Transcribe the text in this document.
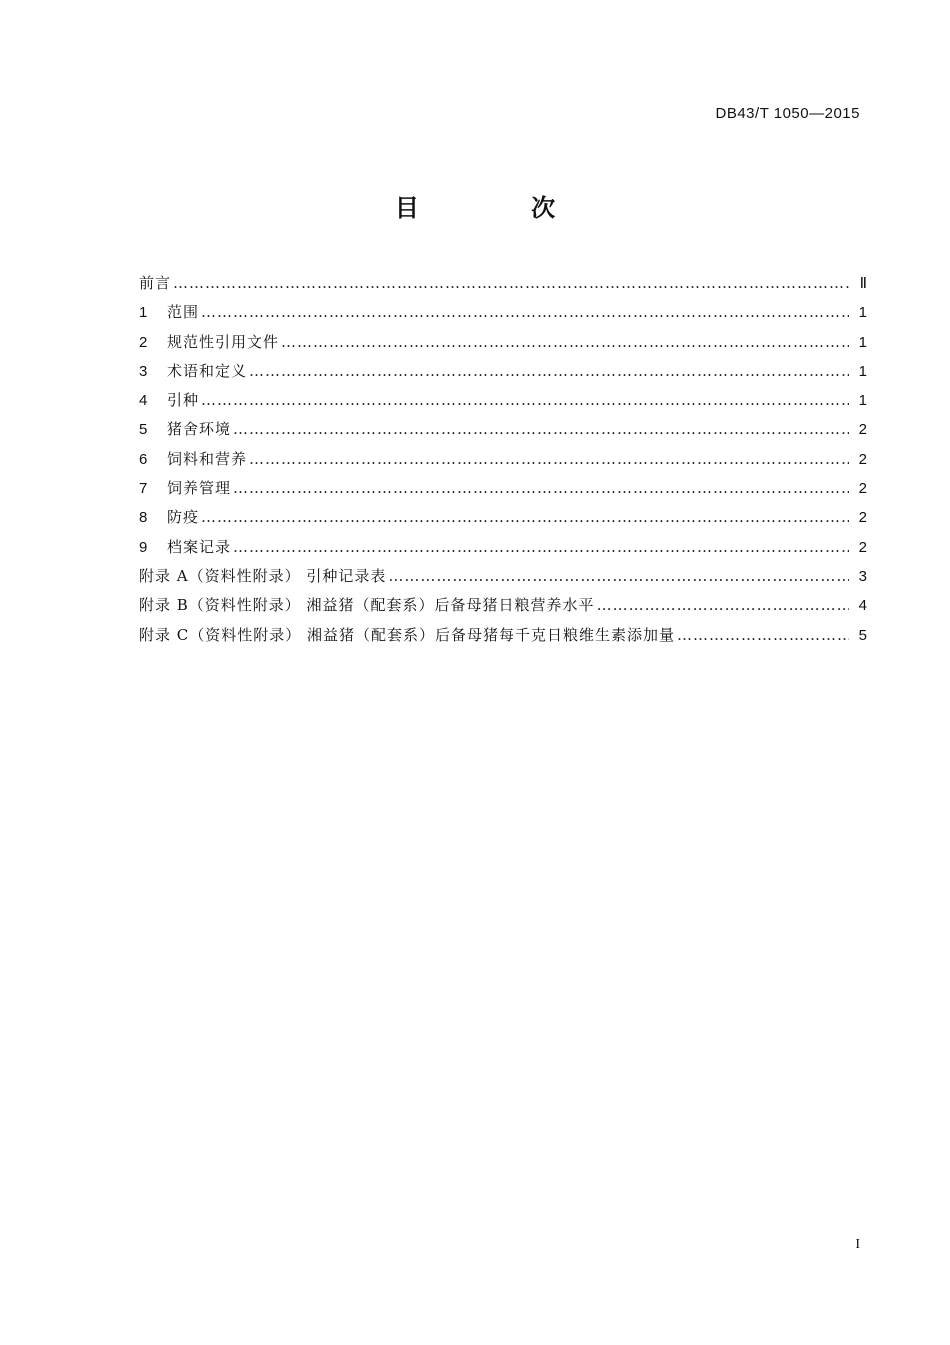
DB43/T 1050—2015
目 次
前言 …………………………………………………………………………………………………………………………………………………………………………………………	Ⅱ
1	范围 …………………………………………………………………………………………………………………………………………………………………………………………	1
2	规范性引用文件 …………………………………………………………………………………………………………………………………………………………………………………………	1
3	术语和定义 …………………………………………………………………………………………………………………………………………………………………………………………	1
4	引种 …………………………………………………………………………………………………………………………………………………………………………………………	1
5	猪舍环境 …………………………………………………………………………………………………………………………………………………………………………………………	2
6	饲料和营养 …………………………………………………………………………………………………………………………………………………………………………………………	2
7	饲养管理 …………………………………………………………………………………………………………………………………………………………………………………………	2
8	防疫 …………………………………………………………………………………………………………………………………………………………………………………………	2
9	档案记录 …………………………………………………………………………………………………………………………………………………………………………………………	2
附录 A（资料性附录） 引种记录表 …………………………………………………………………………………………………………………………………………………………………………………………	3
附录 B（资料性附录） 湘益猪（配套系）后备母猪日粮营养水平 …………………………………………………………………………………………………………………………………………………………………………………………	4
附录 C（资料性附录） 湘益猪（配套系）后备母猪每千克日粮维生素添加量 …………………………………………………………………………………………………………………………………………………………………………………………	5
I
